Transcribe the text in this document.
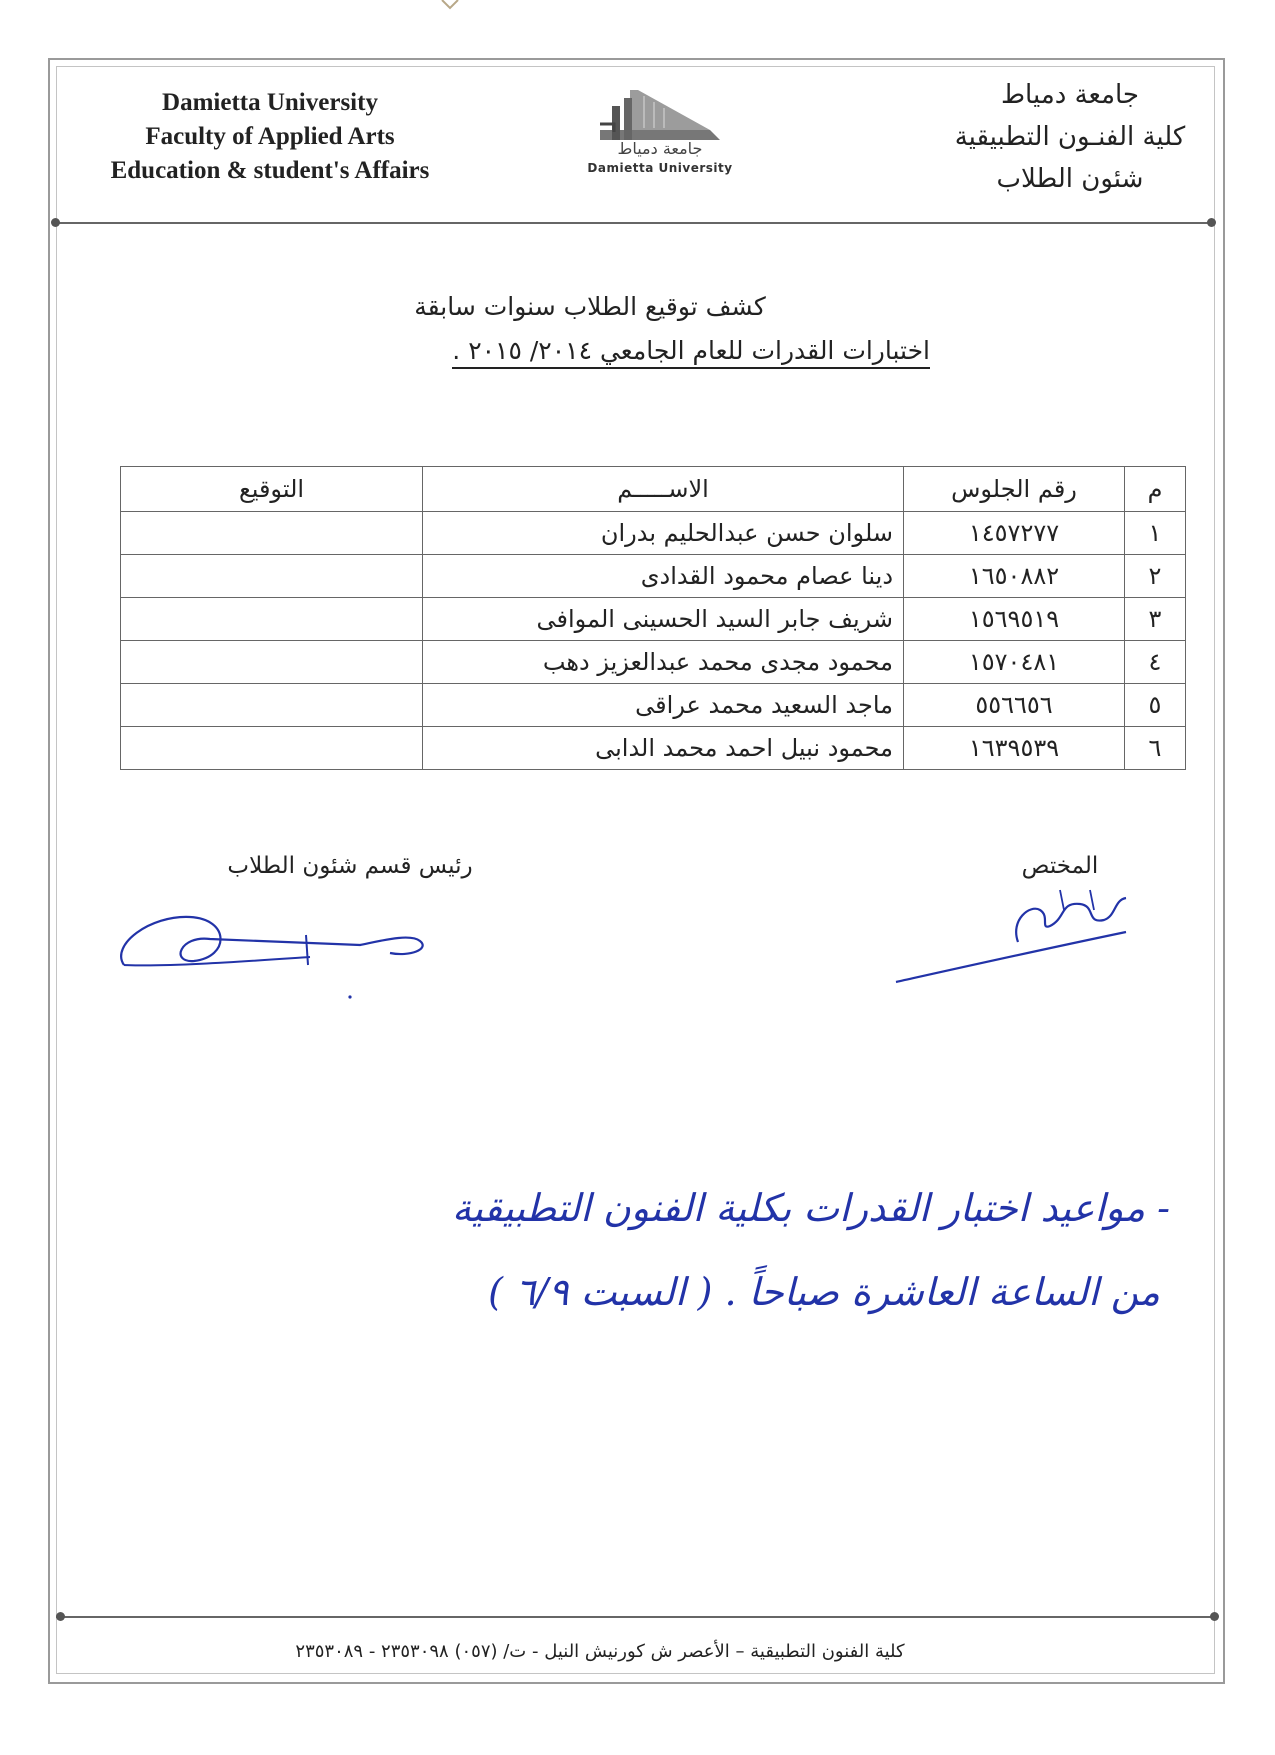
Damietta University
Faculty of Applied Arts
Education & student's Affairs
جامعة دمياط
Damietta University
جامعة دمياط
كلية الفنـون التطبيقية
شئون الطلاب
كشف توقيع الطلاب سنوات سابقة
اختبارات القدرات للعام الجامعي ٢٠١٤/ ٢٠١٥ .
م	رقم الجلوس	الاســـــم	التوقيع
١	١٤٥٧٢٧٧	سلوان حسن عبدالحليم بدران	
٢	١٦٥٠٨٨٢	دينا عصام محمود القدادى	
٣	١٥٦٩٥١٩	شريف جابر السيد الحسينى الموافى	
٤	١٥٧٠٤٨١	محمود مجدى محمد عبدالعزيز دهب	
٥	٥٥٦٦٥٦	ماجد السعيد محمد عراقى	
٦	١٦٣٩٥٣٩	محمود نبيل احمد محمد الدابى	
رئيس قسم شئون الطلاب	المختص
- مواعيد اختبار القدرات بكلية الفنون التطبيقية
من الساعة العاشرة صباحاً . ( السبت ٦/٩ )
كلية الفنون التطبيقية – الأعصر ش كورنيش النيل - ت/ (٠٥٧) ٢٣٥٣٠٩٨ - ٢٣٥٣٠٨٩
